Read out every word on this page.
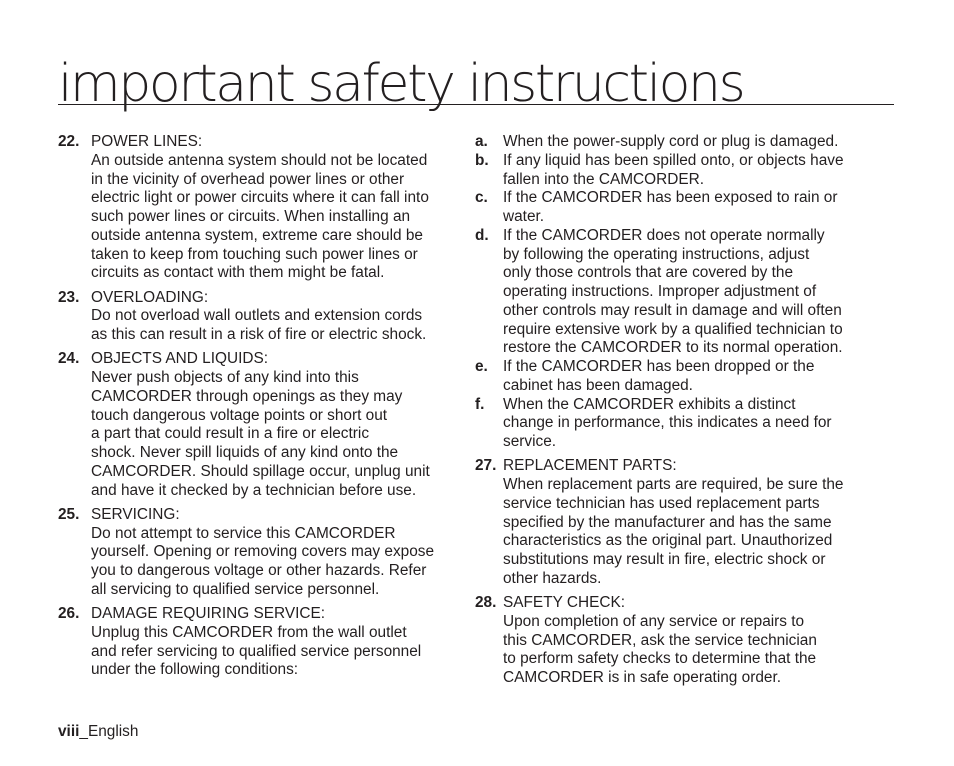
important safety instructions
22. POWER LINES:
An outside antenna system should not be located
in the vicinity of overhead power lines or other
electric light or power circuits where it can fall into
such power lines or circuits. When installing an
outside antenna system, extreme care should be
taken to keep from touching such power lines or
circuits as contact with them might be fatal.
23. OVERLOADING:
Do not overload wall outlets and extension cords
as this can result in a risk of fire or electric shock.
24. OBJECTS AND LIQUIDS:
Never push objects of any kind into this
CAMCORDER through openings as they may
touch dangerous voltage points or short out
a part that could result in a fire or electric
shock. Never spill liquids of any kind onto the
CAMCORDER. Should spillage occur, unplug unit
and have it checked by a technician before use.
25. SERVICING:
Do not attempt to service this CAMCORDER
yourself. Opening or removing covers may expose
you to dangerous voltage or other hazards. Refer
all servicing to qualified service personnel.
26. DAMAGE REQUIRING SERVICE:
Unplug this CAMCORDER from the wall outlet
and refer servicing to qualified service personnel
under the following conditions:
a. When the power-supply cord or plug is damaged.
b. If any liquid has been spilled onto, or objects have
fallen into the CAMCORDER.
c. If the CAMCORDER has been exposed to rain or
water.
d. If the CAMCORDER does not operate normally
by following the operating instructions, adjust
only those controls that are covered by the
operating instructions. Improper adjustment of
other controls may result in damage and will often
require extensive work by a qualified technician to
restore the CAMCORDER to its normal operation.
e. If the CAMCORDER has been dropped or the
cabinet has been damaged.
f. When the CAMCORDER exhibits a distinct
change in performance, this indicates a need for
service.
27. REPLACEMENT PARTS:
When replacement parts are required, be sure the
service technician has used replacement parts
specified by the manufacturer and has the same
characteristics as the original part. Unauthorized
substitutions may result in fire, electric shock or
other hazards.
28. SAFETY CHECK:
Upon completion of any service or repairs to
this CAMCORDER, ask the service technician
to perform safety checks to determine that the
CAMCORDER is in safe operating order.
viii_English
